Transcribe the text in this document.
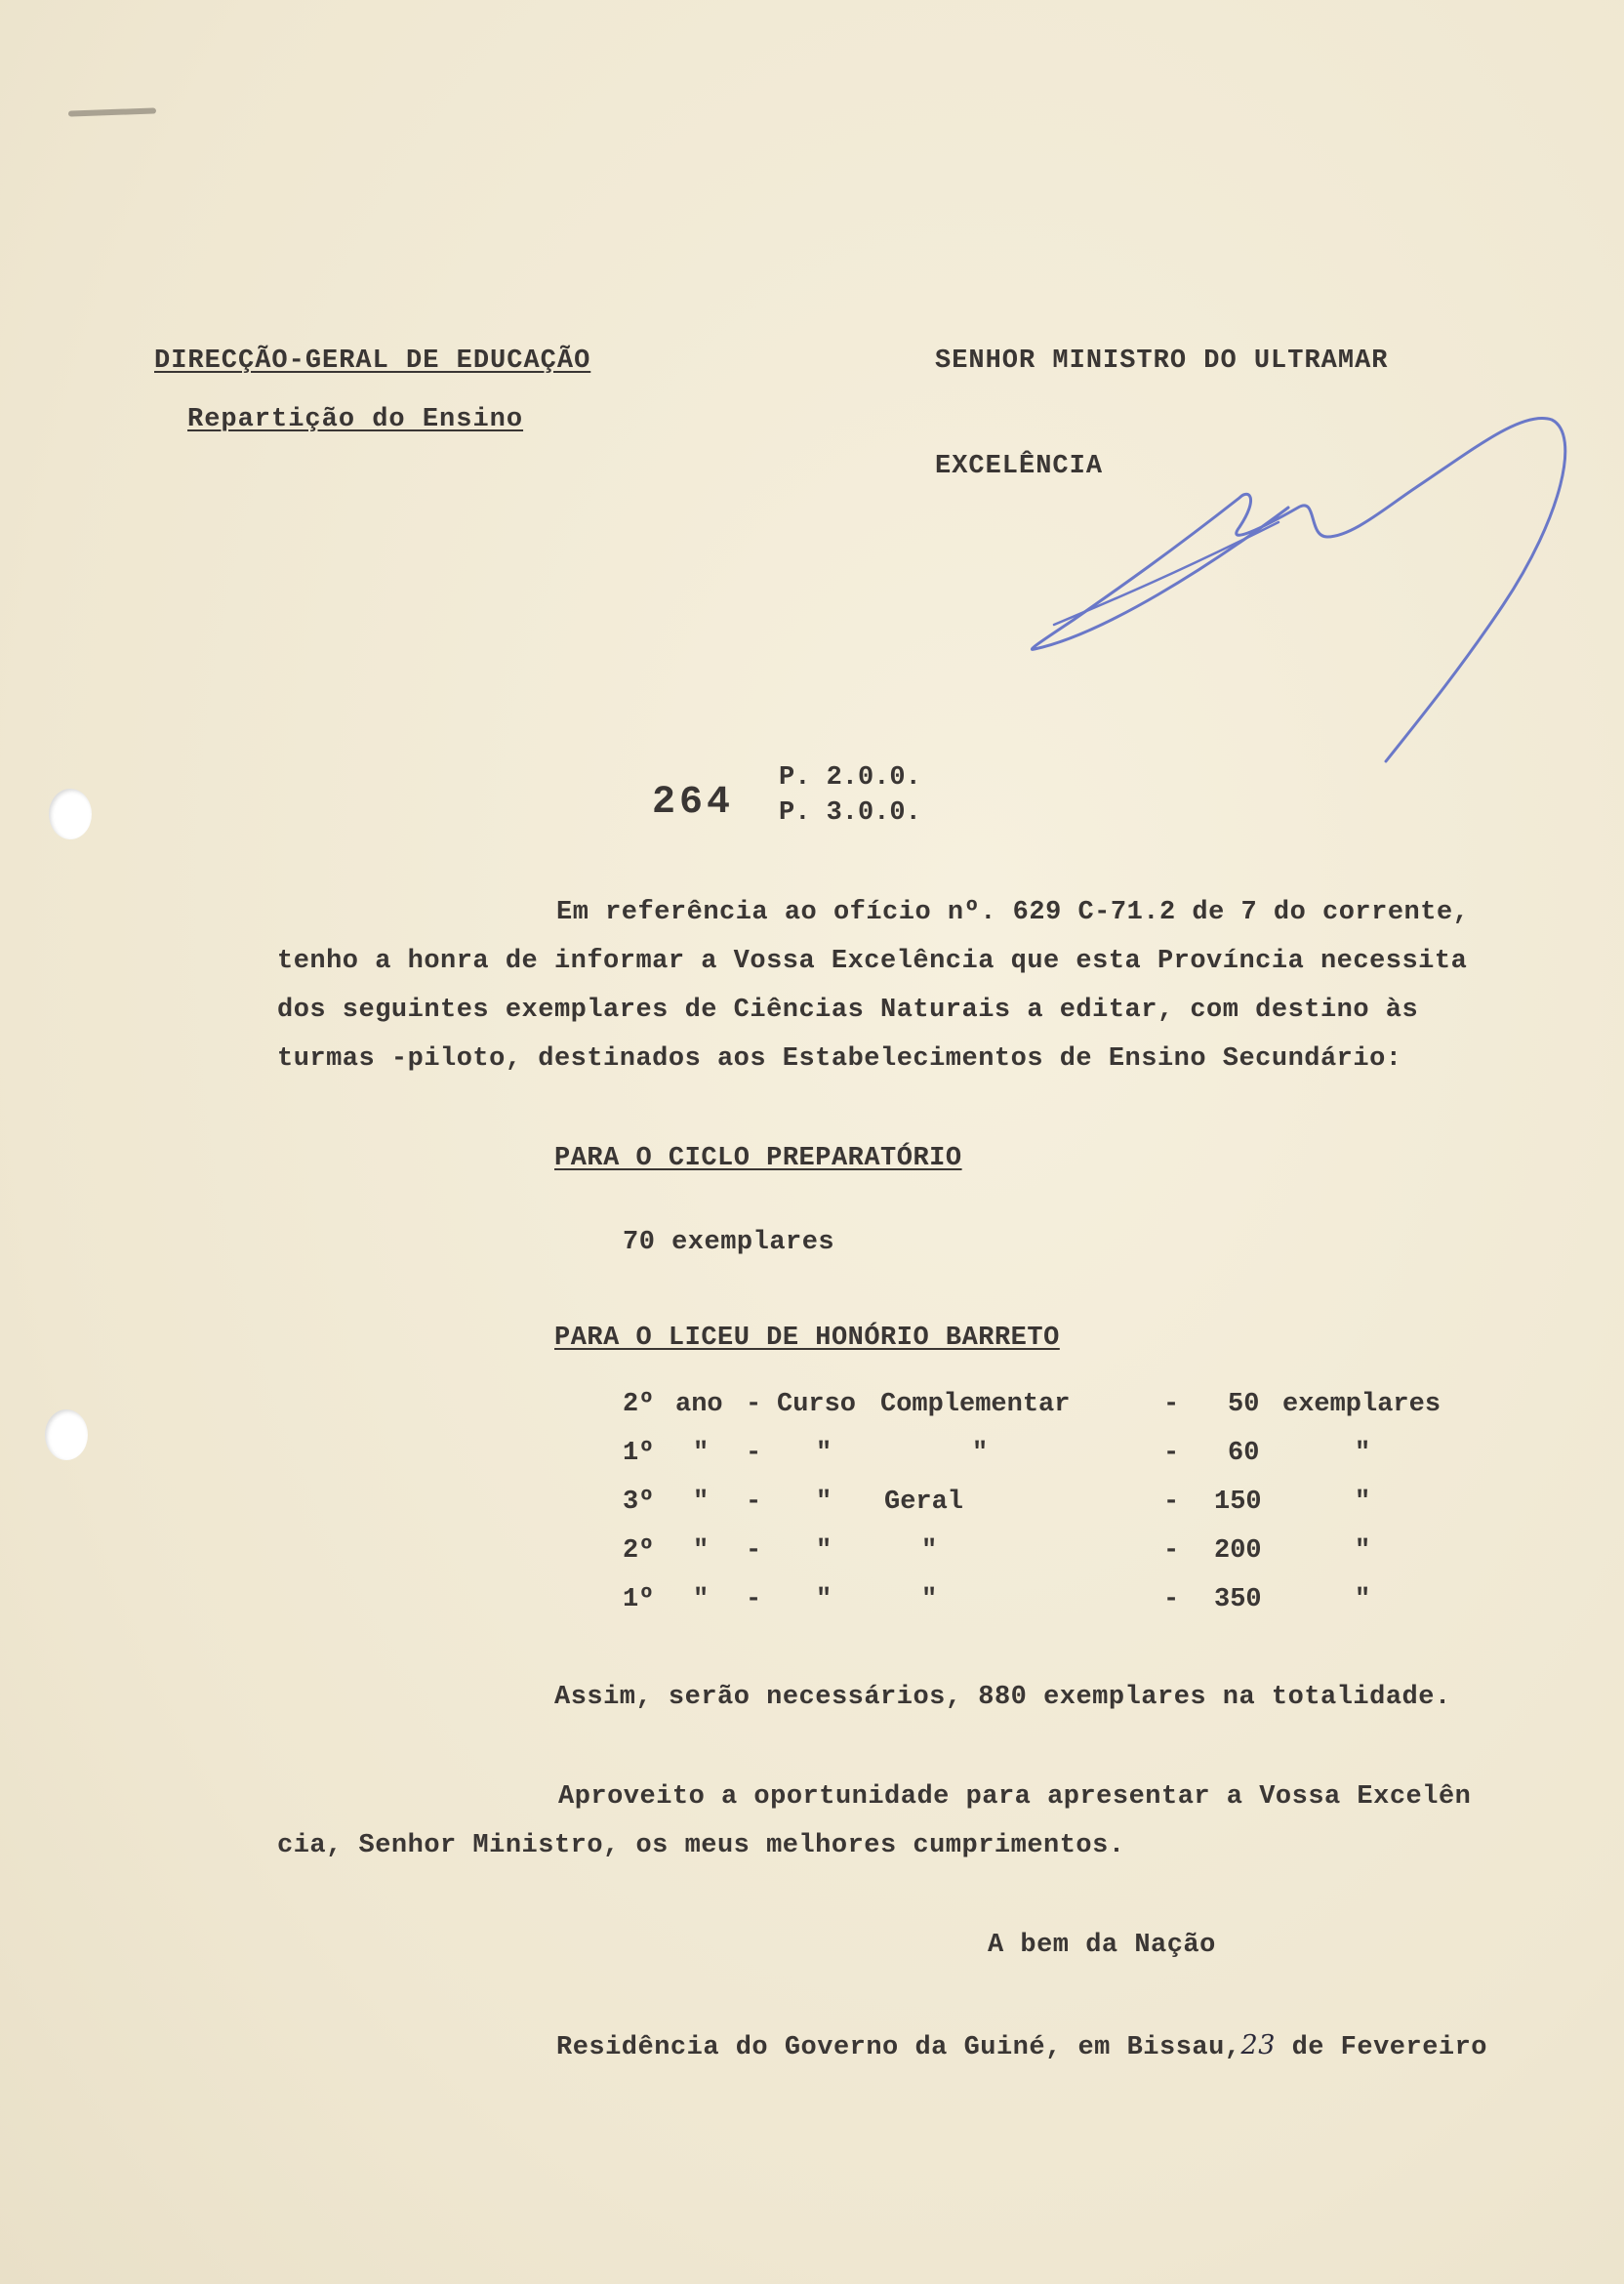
DIRECÇÃO-GERAL DE EDUCAÇÃO
Repartição do Ensino
SENHOR MINISTRO DO ULTRAMAR
EXCELÊNCIA
264
P. 2.0.0.
P. 3.0.0.
Em referência ao ofício nº. 629 C-71.2 de 7 do corrente,
tenho a honra de informar a Vossa Excelência que esta Província necessita
dos seguintes exemplares de Ciências Naturais a editar, com destino às
turmas -piloto, destinados aos Estabelecimentos de Ensino Secundário:
PARA O CICLO PREPARATÓRIO
70 exemplares
PARA O LICEU DE HONÓRIO BARRETO
2º ano - Curso Complementar	- 50 exemplares
1º " - "	"	- 60	"
3º " - " Geral	- 150	"
2º " - "	"	- 200	"
1º " - "	"	- 350	"
Assim, serão necessários, 880 exemplares na totalidade.
Aproveito a oportunidade para apresentar a Vossa Excelên
cia, Senhor Ministro, os meus melhores cumprimentos.
A bem da Nação
Residência do Governo da Guiné, em Bissau,23 de Fevereiro
